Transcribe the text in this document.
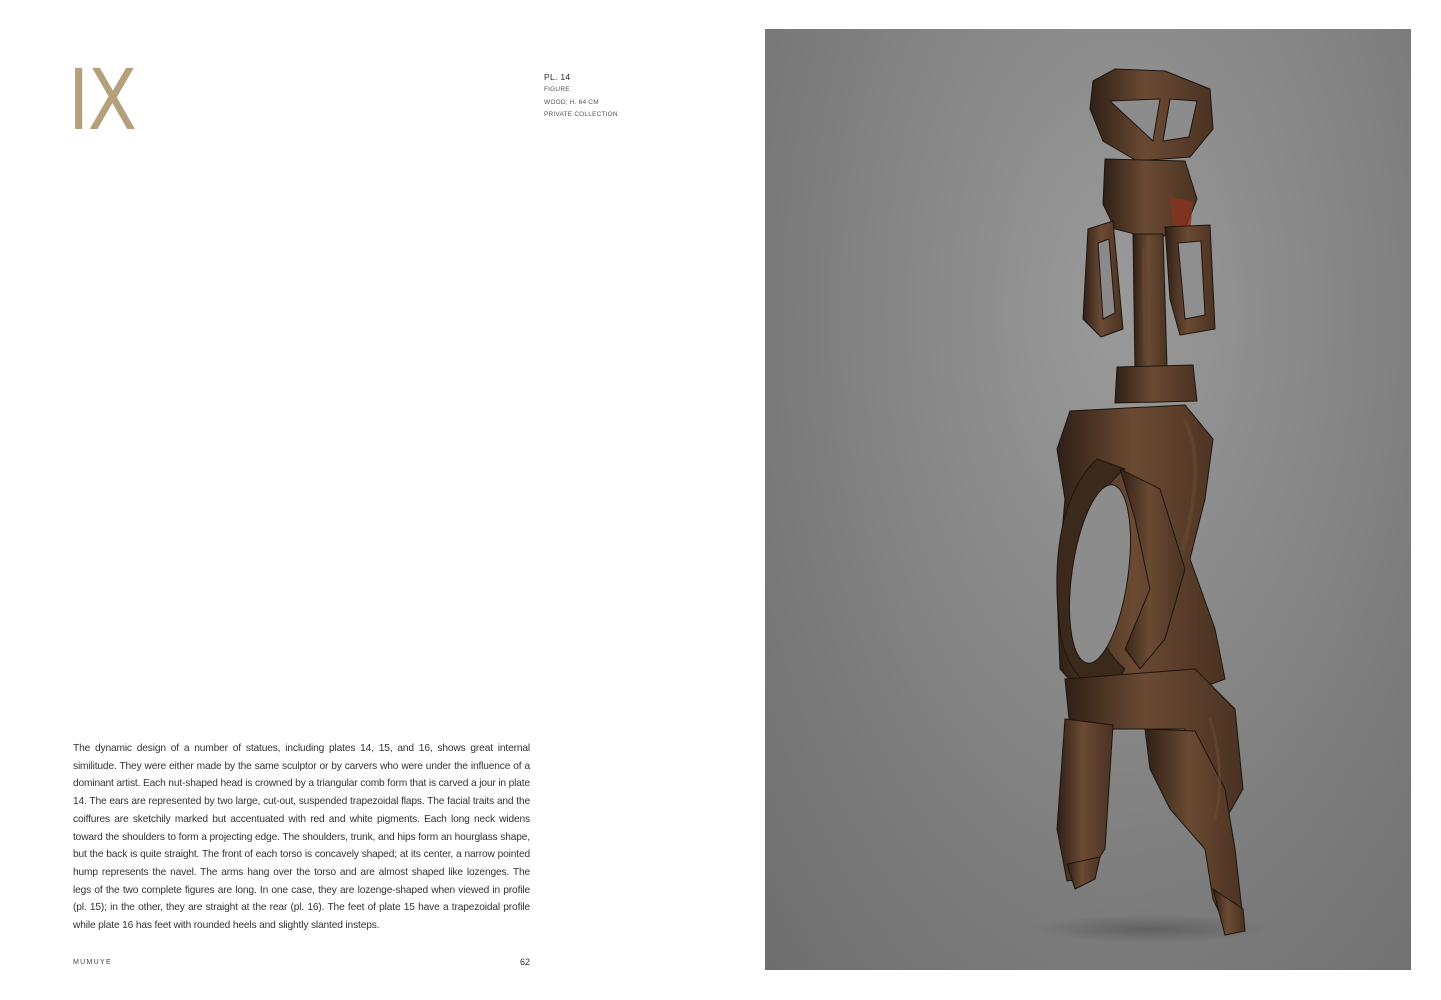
IX	PL. 14
FIGURE
WOOD; H. 64 CM
PRIVATE COLLECTION

The dynamic design of a number of statues, including plates 14, 15, and 16, shows great internal similitude. They were either made by the same sculptor or by carvers who were under the influence of a dominant artist. Each nut-shaped head is crowned by a triangular comb form that is carved a jour in plate 14. The ears are represented by two large, cut-out, suspended trapezoidal flaps. The facial traits and the coiffures are sketchily marked but accentuated with red and white pigments. Each long neck widens toward the shoulders to form a projecting edge. The shoulders, trunk, and hips form an hourglass shape, but the back is quite straight. The front of each torso is concavely shaped; at its center, a narrow pointed hump represents the navel. The arms hang over the torso and are almost shaped like lozenges. The legs of the two complete figures are long. In one case, they are lozenge-shaped when viewed in profile (pl. 15); in the other, they are straight at the rear (pl. 16). The feet of plate 15 have a trapezoidal profile while plate 16 has feet with rounded heels and slightly slanted insteps.

MUMUYE	62
